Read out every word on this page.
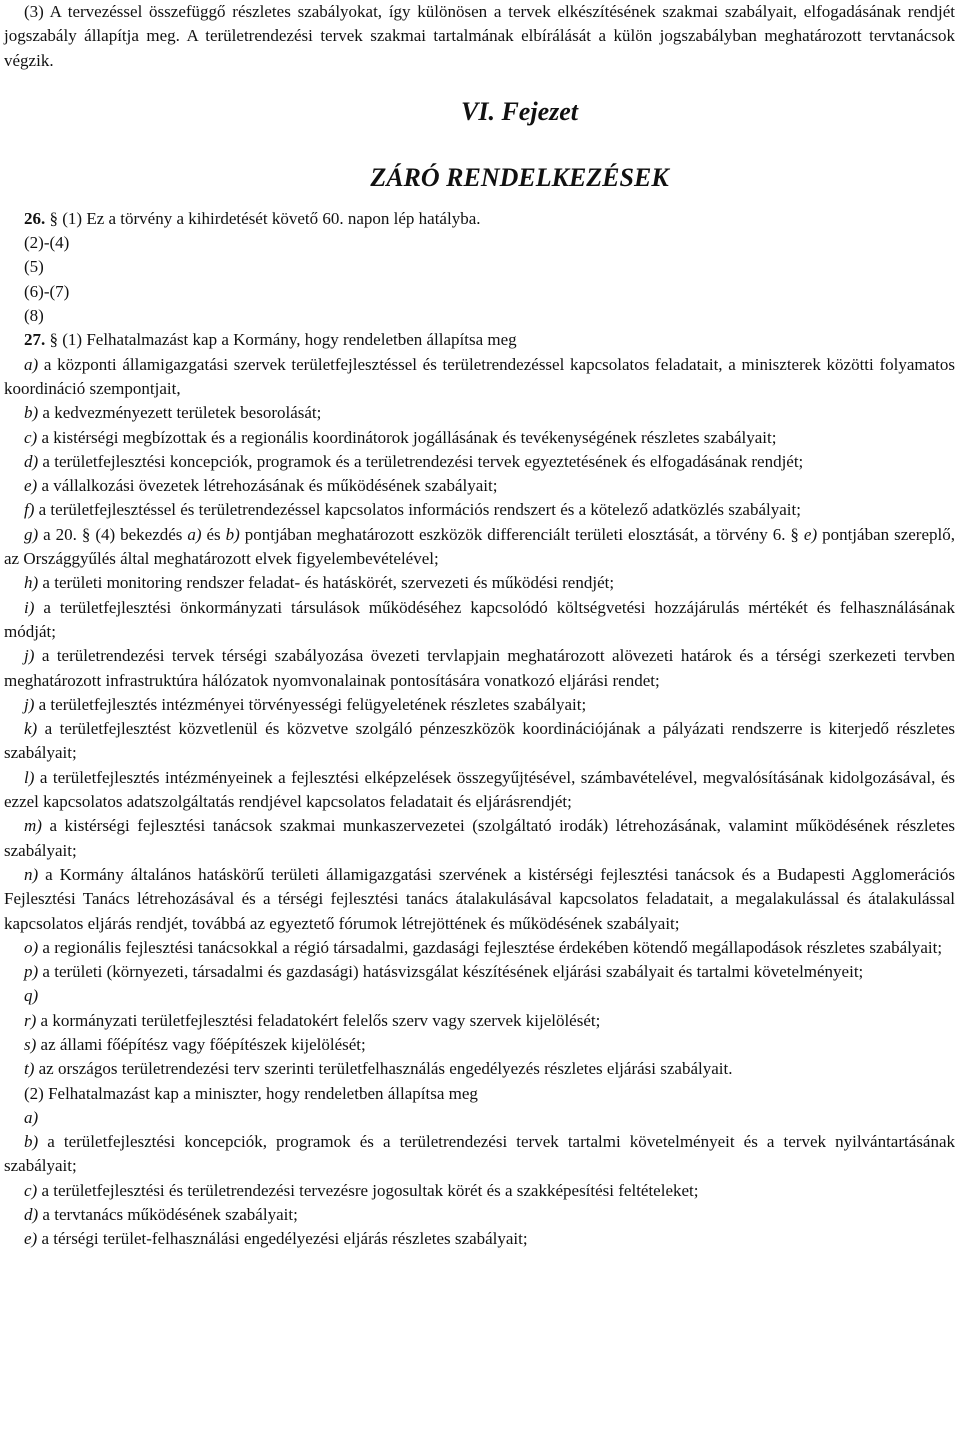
(3) A tervezéssel összefüggő részletes szabályokat, így különösen a tervek elkészítésének szakmai szabályait, elfogadásának rendjét jogszabály állapítja meg. A területrendezési tervek szakmai tartalmának elbírálását a külön jogszabályban meghatározott tervtanácsok végzik.

VI. Fejezet

ZÁRÓ RENDELKEZÉSEK

26. § (1) Ez a törvény a kihirdetését követő 60. napon lép hatályba.

(2)-(4)

(5)

(6)-(7)

(8)

27. § (1) Felhatalmazást kap a Kormány, hogy rendeletben állapítsa meg

a) a központi államigazgatási szervek területfejlesztéssel és területrendezéssel kapcsolatos feladatait, a miniszterek közötti folyamatos koordináció szempontjait,

b) a kedvezményezett területek besorolását;

c) a kistérségi megbízottak és a regionális koordinátorok jogállásának és tevékenységének részletes szabályait;

d) a területfejlesztési koncepciók, programok és a területrendezési tervek egyeztetésének és elfogadásának rendjét;

e) a vállalkozási övezetek létrehozásának és működésének szabályait;

f) a területfejlesztéssel és területrendezéssel kapcsolatos információs rendszert és a kötelező adatközlés szabályait;

g) a 20. § (4) bekezdés a) és b) pontjában meghatározott eszközök differenciált területi elosztását, a törvény 6. § e) pontjában szereplő, az Országgyűlés által meghatározott elvek figyelembevételével;

h) a területi monitoring rendszer feladat- és hatáskörét, szervezeti és működési rendjét;

i) a területfejlesztési önkormányzati társulások működéséhez kapcsolódó költségvetési hozzájárulás mértékét és felhasználásának módját;

j) a területrendezési tervek térségi szabályozása övezeti tervlapjain meghatározott alövezeti határok és a térségi szerkezeti tervben meghatározott infrastruktúra hálózatok nyomvonalainak pontosítására vonatkozó eljárási rendet;

j) a területfejlesztés intézményei törvényességi felügyeletének részletes szabályait;

k) a területfejlesztést közvetlenül és közvetve szolgáló pénzeszközök koordinációjának a pályázati rendszerre is kiterjedő részletes szabályait;

l) a területfejlesztés intézményeinek a fejlesztési elképzelések összegyűjtésével, számbavételével, megvalósításának kidolgozásával, és ezzel kapcsolatos adatszolgáltatás rendjével kapcsolatos feladatait és eljárásrendjét;

m) a kistérségi fejlesztési tanácsok szakmai munkaszervezetei (szolgáltató irodák) létrehozásának, valamint működésének részletes szabályait;

n) a Kormány általános hatáskörű területi államigazgatási szervének a kistérségi fejlesztési tanácsok és a Budapesti Agglomerációs Fejlesztési Tanács létrehozásával és a térségi fejlesztési tanács átalakulásával kapcsolatos feladatait, a megalakulással és átalakulással kapcsolatos eljárás rendjét, továbbá az egyeztető fórumok létrejöttének és működésének szabályait;

o) a regionális fejlesztési tanácsokkal a régió társadalmi, gazdasági fejlesztése érdekében kötendő megállapodások részletes szabályait;

p) a területi (környezeti, társadalmi és gazdasági) hatásvizsgálat készítésének eljárási szabályait és tartalmi követelményeit;

q)

r) a kormányzati területfejlesztési feladatokért felelős szerv vagy szervek kijelölését;

s) az állami főépítész vagy főépítészek kijelölését;

t) az országos területrendezési terv szerinti területfelhasználás engedélyezés részletes eljárási szabályait.

(2) Felhatalmazást kap a miniszter, hogy rendeletben állapítsa meg

a)

b) a területfejlesztési koncepciók, programok és a területrendezési tervek tartalmi követelményeit és a tervek nyilvántartásának szabályait;

c) a területfejlesztési és területrendezési tervezésre jogosultak körét és a szakképesítési feltételeket;

d) a tervtanács működésének szabályait;

e) a térségi terület-felhasználási engedélyezési eljárás részletes szabályait;
